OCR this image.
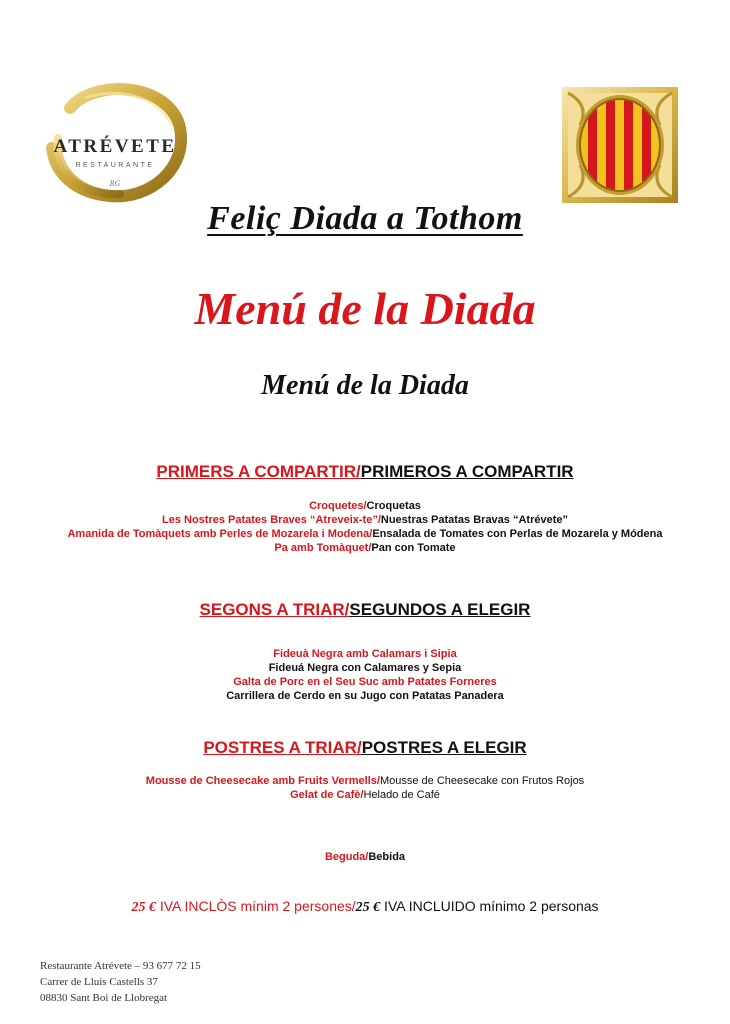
ATRÉVETE
RESTAURANTE
RG
Feliç Diada a Tothom
Menú de la Diada
Menú de la Diada
PRIMERS A COMPARTIR/PRIMEROS A COMPARTIR
Croquetes/Croquetas
Les Nostres Patates Braves “Atreveix-te”/Nuestras Patatas Bravas “Atrévete”
Amanida de Tomàquets amb Perles de Mozarela i Modena/Ensalada de Tomates con Perlas de Mozarela y Módena
Pa amb Tomàquet/Pan con Tomate
SEGONS A TRIAR/SEGUNDOS A ELEGIR
Fideuà Negra amb Calamars i Sipia
Fideuá Negra con Calamares y Sepia
Galta de Porc en el Seu Suc amb Patates Forneres
Carrillera de Cerdo en su Jugo con Patatas Panadera
POSTRES A TRIAR/POSTRES A ELEGIR
Mousse de Cheesecake amb Fruits Vermells/Mousse de Cheesecake con Frutos Rojos
Gelat de Cafè/Helado de Café
Beguda/Bebida
25 € IVA INCLÒS mínim 2 persones/25 € IVA INCLUIDO mínimo 2 personas
Restaurante Atrévete – 93 677 72 15
Carrer de Lluís Castells 37
08830 Sant Boi de Llobregat
